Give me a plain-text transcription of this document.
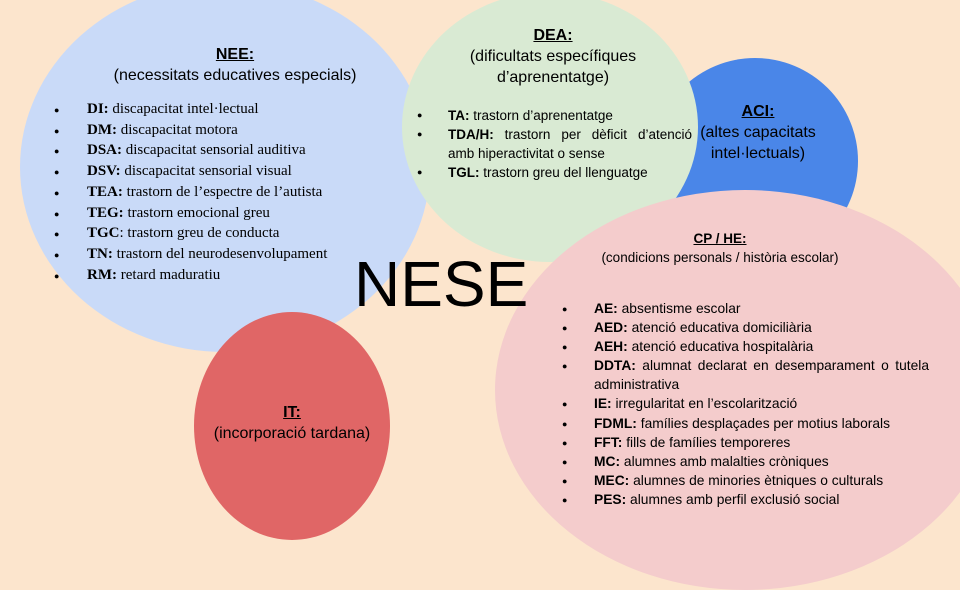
NEE:
(necessitats educatives especials)
● DI: discapacitat intel·lectual
● DM: discapacitat motora
● DSA: discapacitat sensorial auditiva
● DSV: discapacitat sensorial visual
● TEA: trastorn de l’espectre de l’autista
● TEG: trastorn emocional greu
● TGC: trastorn greu de conducta
● TN: trastorn del neurodesenvolupament
● RM: retard maduratiu
DEA:
(dificultats específiques d’aprenentatge)
● TA: trastorn d’aprenentatge
● TDA/H: trastorn per dèficit d’atenció amb hiperactivitat o sense
● TGL: trastorn greu del llenguatge
ACI:
(altes capacitats intel·lectuals)
CP / HE:
(condicions personals / història escolar)
● AE: absentisme escolar
● AED: atenció educativa domiciliària
● AEH: atenció educativa hospitalària
● DDTA: alumnat declarat en desemparament o tutela administrativa
● IE: irregularitat en l’escolarització
● FDML: famílies desplaçades per motius laborals
● FFT: fills de famílies temporeres
● MC: alumnes amb malalties cròniques
● MEC: alumnes de minories ètniques o culturals
● PES: alumnes amb perfil exclusió social
IT:
(incorporació tardana)
NESE
